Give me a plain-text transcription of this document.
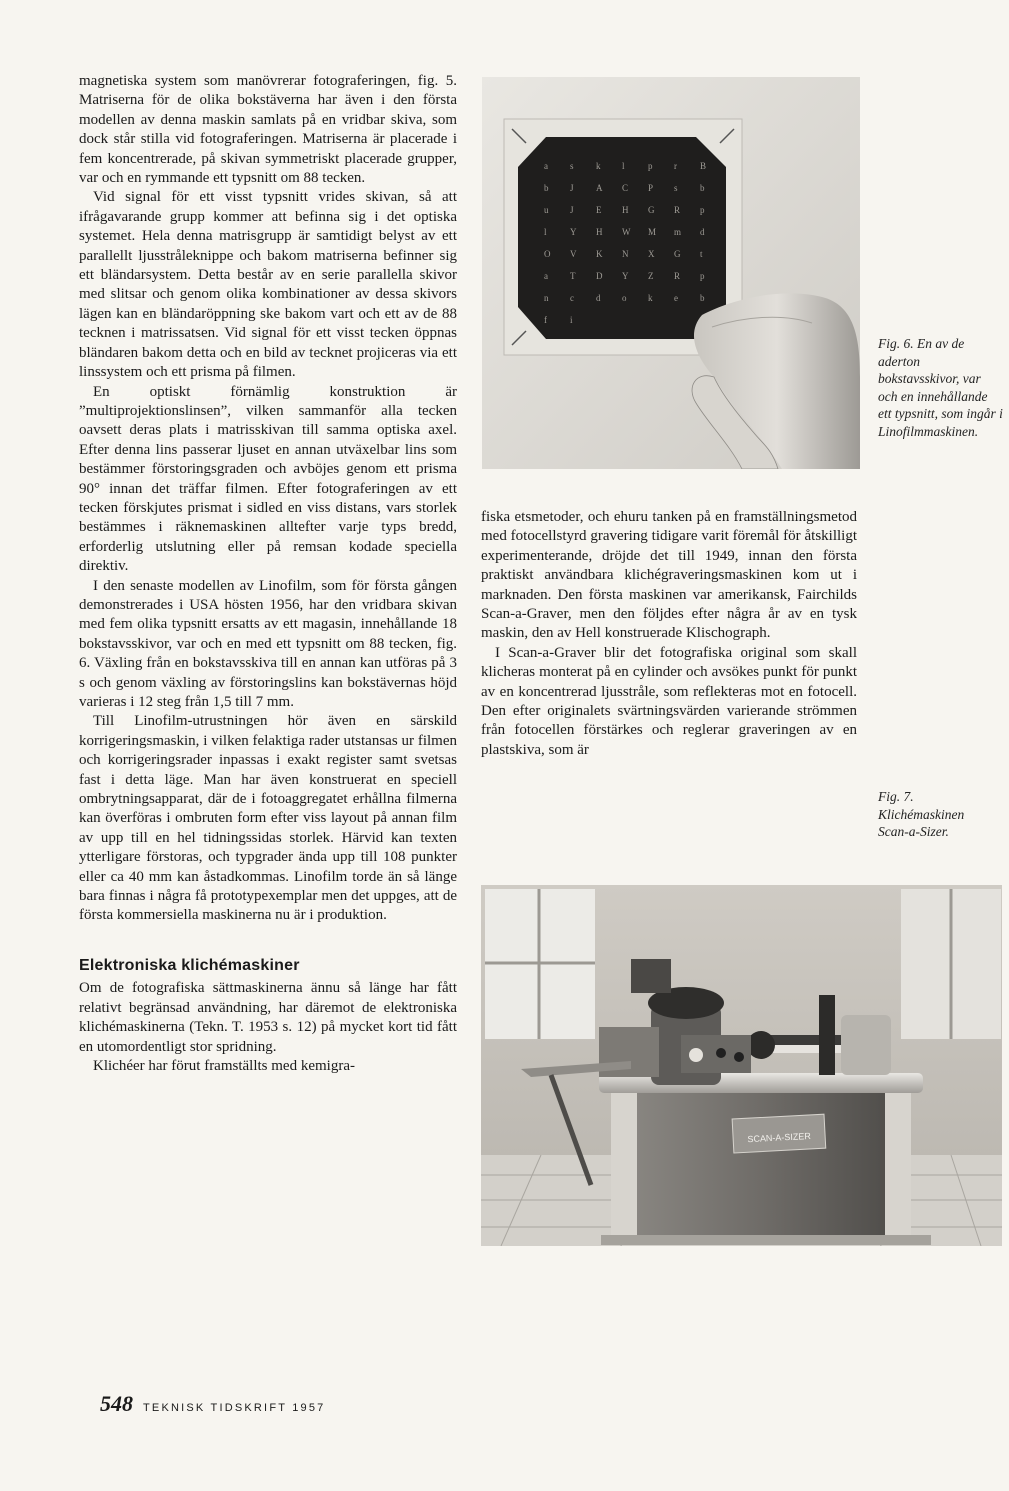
magnetiska system som manövrerar fotograferingen, fig. 5. Matriserna för de olika bokstäverna har även i den första modellen av denna maskin samlats på en vridbar skiva, som dock står stilla vid fotograferingen. Matriserna är placerade i fem koncentrerade, på skivan symmetriskt placerade grupper, var och en rymmande ett typsnitt om 88 tecken.

Vid signal för ett visst typsnitt vrides skivan, så att ifrågavarande grupp kommer att befinna sig i det optiska systemet. Hela denna matrisgrupp är samtidigt belyst av ett parallellt ljusstråleknippe och bakom matriserna befinner sig ett bländarsystem. Detta består av en serie parallella skivor med slitsar och genom olika kombinationer av dessa skivors lägen kan en bländaröppning ske bakom vart och ett av de 88 tecknen i matrissatsen. Vid signal för ett visst tecken öppnas bländaren bakom detta och en bild av tecknet projiceras via ett linssystem och ett prisma på filmen.

En optiskt förnämlig konstruktion är ”multiprojektionslinsen”, vilken sammanför alla tecken oavsett deras plats i matrisskivan till samma optiska axel. Efter denna lins passerar ljuset en annan utväxelbar lins som bestämmer förstoringsgraden och avböjes genom ett prisma 90° innan det träffar filmen. Efter fotograferingen av ett tecken förskjutes prismat i sidled en viss distans, vars storlek bestämmes i räknemaskinen alltefter varje typs bredd, erforderlig utslutning eller på remsan kodade speciella direktiv.

I den senaste modellen av Linofilm, som för första gången demonstrerades i USA hösten 1956, har den vridbara skivan med fem olika typsnitt ersatts av ett magasin, innehållande 18 bokstavsskivor, var och en med ett typsnitt om 88 tecken, fig. 6. Växling från en bokstavsskiva till en annan kan utföras på 3 s och genom växling av förstoringslins kan bokstävernas höjd varieras i 12 steg från 1,5 till 7 mm.

Till Linofilm-utrustningen hör även en särskild korrigeringsmaskin, i vilken felaktiga rader utstansas ur filmen och korrigeringsrader inpassas i exakt register samt svetsas fast i detta läge. Man har även konstruerat en speciell ombrytningsapparat, där de i fotoaggregatet erhållna filmerna kan överföras i ombruten form efter viss layout på annan film av upp till en hel tidningssidas storlek. Härvid kan texten ytterligare förstoras, och typgrader ända upp till 108 punkter eller ca 40 mm kan åstadkommas. Linofilm torde än så länge bara finnas i några få prototypexemplar men det uppges, att de första kommersiella maskinerna nu är i produktion.

Elektroniska klichémaskiner

Om de fotografiska sättmaskinerna ännu så länge har fått relativt begränsad användning, har däremot de elektroniska klichémaskinerna (Tekn. T. 1953 s. 12) på mycket kort tid fått en utomordentligt stor spridning.

Klichéer har förut framställts med kemigra-

a s k l	p r	B
b J A C P s b
u J E H G R p
l	Y H W M m d
O V K N X G t
a T D Y Z R p
n c d o k e b
f	i
Fig. 6. En av de aderton bokstavsskivor, var och en innehållande ett typsnitt, som ingår i Linofilmmaskinen.

fiska etsmetoder, och ehuru tanken på en framställningsmetod med fotocellstyrd gravering tidigare varit föremål för åtskilligt experimenterande, dröjde det till 1949, innan den första praktiskt användbara klichégraveringsmaskinen kom ut i marknaden. Den första maskinen var amerikansk, Fairchilds Scan-a-Graver, men den följdes efter några år av en tysk maskin, den av Hell konstruerade Klischograph.

I Scan-a-Graver blir det fotografiska original som skall klicheras monterat på en cylinder och avsökes punkt för punkt av en koncentrerad ljusstråle, som reflekteras mot en fotocell. Den efter originalets svärtningsvärden varierande strömmen från fotocellen förstärkes och reglerar graveringen av en plastskiva, som är

Fig. 7. Klichémaskinen Scan-a-Sizer.
SCAN-A-SIZER
548 TEKNISK TIDSKRIFT 1957
